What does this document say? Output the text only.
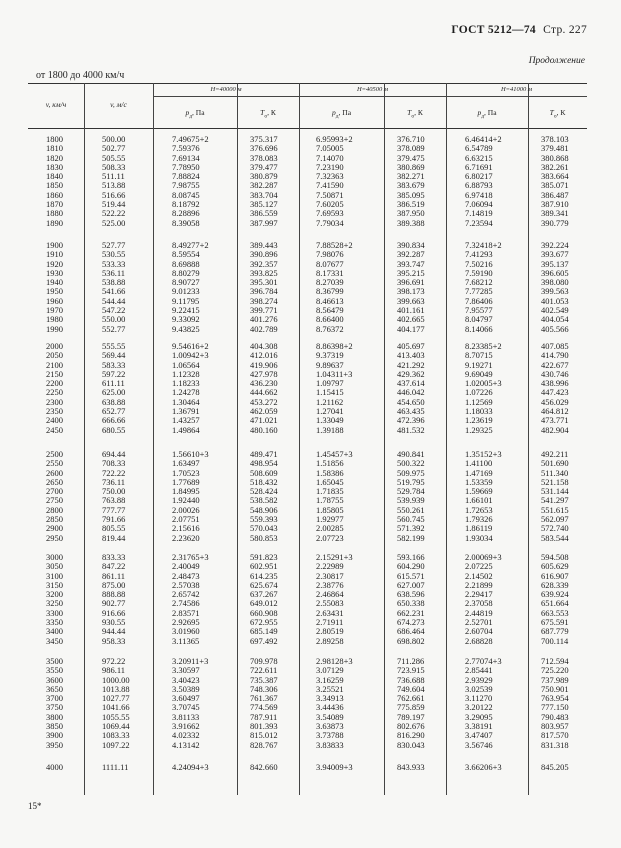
ГОСТ 5212—74 Стр. 227
Продолжение
от 1800 до 4000 км/ч
H=40000 м	H=40500 м	H=41000 м
v, км/ч	v, м/с
$p_д$, Па	$T_о$, К	$p_д$, Па	$T_о$, К	$p_д$, Па	$T_о$, К
1800	500.00	7.49675+2	375.317	6.95993+2	376.710	6.46414+2	378.103
1810	502.77	7.59376	376.696	7.05005	378.089	6.54789	379.481
1820	505.55	7.69134	378.083	7.14070	379.475	6.63215	380.868
1830	508.33	7.78950	379.477	7.23190	380.869	6.71691	382.261
1840	511.11	7.88824	380.879	7.32363	382.271	6.80217	383.664
1850	513.88	7.98755	382.287	7.41590	383.679	6.88793	385.071
1860	516.66	8.08745	383.704	7.50871	385.095	6.97418	386.487
1870	519.44	8.18792	385.127	7.60205	386.519	7.06094	387.910
1880	522.22	8.28896	386.559	7.69593	387.950	7.14819	389.341
1890	525.00	8.39058	387.997	7.79034	389.388	7.23594	390.779
1900	527.77	8.49277+2	389.443	7.88528+2	390.834	7.32418+2	392.224
1910	530.55	8.59554	390.896	7.98076	392.287	7.41293	393.677
1920	533.33	8.69888	392.357	8.07677	393.747	7.50216	395.137
1930	536.11	8.80279	393.825	8.17331	395.215	7.59190	396.605
1940	538.88	8.90727	395.301	8.27039	396.691	7.68212	398.080
1950	541.66	9.01233	396.784	8.36799	398.173	7.77285	399.563
1960	544.44	9.11795	398.274	8.46613	399.663	7.86406	401.053
1970	547.22	9.22415	399.771	8.56479	401.161	7.95577	402.549
1980	550.00	9.33092	401.276	8.66400	402.665	8.04797	404.054
1990	552.77	9.43825	402.789	8.76372	404.177	8.14066	405.566
2000	555.55	9.54616+2	404.308	8.86398+2	405.697	8.23385+2	407.085
2050	569.44	1.00942+3	412.016	9.37319	413.403	8.70715	414.790
2100	583.33	1.06564	419.906	9.89637	421.292	9.19271	422.677
2150	597.22	1.12328	427.978	1.04311+3	429.362	9.69049	430.746
2200	611.11	1.18233	436.230	1.09797	437.614	1.02005+3	438.996
2250	625.00	1.24278	444.662	1.15415	446.042	1.07226	447.423
2300	638.88	1.30464	453.272	1.21162	454.650	1.12569	456.029
2350	652.77	1.36791	462.059	1.27041	463.435	1.18033	464.812
2400	666.66	1.43257	471.021	1.33049	472.396	1.23619	473.771
2450	680.55	1.49864	480.160	1.39188	481.532	1.29325	482.904
2500	694.44	1.56610+3	489.471	1.45457+3	490.841	1.35152+3	492.211
2550	708.33	1.63497	498.954	1.51856	500.322	1.41100	501.690
2600	722.22	1.70523	508.609	1.58386	509.975	1.47169	511.340
2650	736.11	1.77689	518.432	1.65045	519.795	1.53359	521.158
2700	750.00	1.84995	528.424	1.71835	529.784	1.59669	531.144
2750	763.88	1.92440	538.582	1.78755	539.939	1.66101	541.297
2800	777.77	2.00026	548.906	1.85805	550.261	1.72653	551.615
2850	791.66	2.07751	559.393	1.92977	560.745	1.79326	562.097
2900	805.55	2.15616	570.043	2.00285	571.392	1.86119	572.740
2950	819.44	2.23620	580.853	2.07723	582.199	1.93034	583.544
3000	833.33	2.31765+3	591.823	2.15291+3	593.166	2.00069+3	594.508
3050	847.22	2.40049	602.951	2.22989	604.290	2.07225	605.629
3100	861.11	2.48473	614.235	2.30817	615.571	2.14502	616.907
3150	875.00	2.57038	625.674	2.38776	627.007	2.21899	628.339
3200	888.88	2.65742	637.267	2.46864	638.596	2.29417	639.924
3250	902.77	2.74586	649.012	2.55083	650.338	2.37058	651.664
3300	916.66	2.83571	660.908	2.63431	662.231	2.44819	663.553
3350	930.55	2.92695	672.955	2.71911	674.273	2.52701	675.591
3400	944.44	3.01960	685.149	2.80519	686.464	2.60704	687.779
3450	958.33	3.11365	697.492	2.89258	698.802	2.68828	700.114
3500	972.22	3.20911+3	709.978	2.98128+3	711.286	2.77074+3	712.594
3550	986.11	3.30597	722.611	3.07129	723.915	2.85441	725.220
3600	1000.00	3.40423	735.387	3.16259	736.688	2.93929	737.989
3650	1013.88	3.50389	748.306	3.25521	749.604	3.02539	750.901
3700	1027.77	3.60497	761.367	3.34913	762.661	3.11270	763.954
3750	1041.66	3.70745	774.569	3.44436	775.859	3.20122	777.150
3800	1055.55	3.81133	787.911	3.54089	789.197	3.29095	790.483
3850	1069.44	3.91662	801.393	3.63873	802.676	3.38191	803.957
3900	1083.33	4.02332	815.012	3.73788	816.290	3.47407	817.570
3950	1097.22	4.13142	828.767	3.83833	830.043	3.56746	831.318
4000	1111.11	4.24094+3	842.660	3.94009+3	843.933	3.66206+3	845.205
15*
